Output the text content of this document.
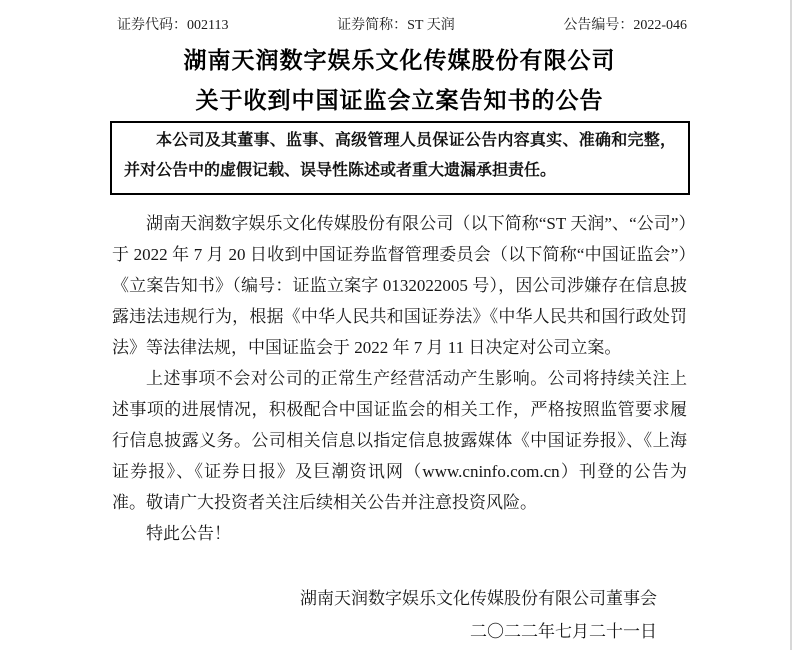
证券代码：002113	证券简称：ST 天润	公告编号：2022-046
湖南天润数字娱乐文化传媒股份有限公司
关于收到中国证监会立案告知书的公告
本公司及其董事、监事、高级管理人员保证公告内容真实、准确和完整，并对公告中的虚假记载、误导性陈述或者重大遗漏承担责任。

湖南天润数字娱乐文化传媒股份有限公司（以下简称“ST 天润”、“公司”）于 2022 年 7 月 20 日收到中国证券监督管理委员会（以下简称“中国证监会”）《立案告知书》（编号：证监立案字 0132022005 号），因公司涉嫌存在信息披露违法违规行为，根据《中华人民共和国证券法》《中华人民共和国行政处罚法》等法律法规，中国证监会于 2022 年 7 月 11 日决定对公司立案。

上述事项不会对公司的正常生产经营活动产生影响。公司将持续关注上述事项的进展情况，积极配合中国证监会的相关工作，严格按照监管要求履行信息披露义务。公司相关信息以指定信息披露媒体《中国证券报》、《上海证券报》、《证券日报》及巨潮资讯网（www.cninfo.com.cn）刊登的公告为准。敬请广大投资者关注后续相关公告并注意投资风险。

特此公告！

湖南天润数字娱乐文化传媒股份有限公司董事会
二〇二二年七月二十一日
